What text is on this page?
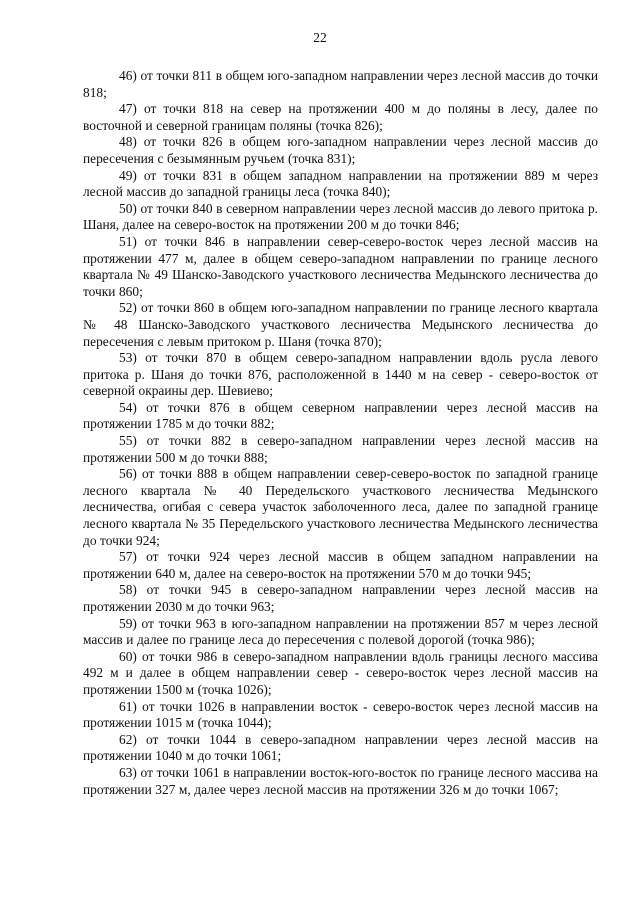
22

46) от точки 811 в общем юго-западном направлении через лесной массив до точки 818;

47) от точки 818 на север на протяжении 400 м до поляны в лесу, далее по восточной и северной границам поляны (точка 826);

48) от точки 826 в общем юго-западном направлении через лесной массив до пересечения с безымянным ручьем (точка 831);

49) от точки 831 в общем западном направлении на протяжении 889 м через лесной массив до западной границы леса (точка 840);

50) от точки 840 в северном направлении через лесной массив до левого притока р. Шаня, далее на северо-восток на протяжении 200 м до точки 846;

51) от точки 846 в направлении север-северо-восток через лесной массив на протяжении 477 м, далее в общем северо-западном направлении по границе лесного квартала № 49 Шанско-Заводского участкового лесничества Медынского лесничества до точки 860;

52) от точки 860 в общем юго-западном направлении по границе лесного квартала № 48 Шанско-Заводского участкового лесничества Медынского лесничества до пересечения с левым притоком р. Шаня (точка 870);

53) от точки 870 в общем северо-западном направлении вдоль русла левого притока р. Шаня до точки 876, расположенной в 1440 м на север - северо-восток от северной окраины дер. Шевиево;

54) от точки 876 в общем северном направлении через лесной массив на протяжении 1785 м до точки 882;

55) от точки 882 в северо-западном направлении через лесной массив на протяжении 500 м до точки 888;

56) от точки 888 в общем направлении север-северо-восток по западной границе лесного квартала № 40 Передельского участкового лесничества Медынского лесничества, огибая с севера участок заболоченного леса, далее по западной границе лесного квартала № 35 Передельского участкового лесничества Медынского лесничества до точки 924;

57) от точки 924 через лесной массив в общем западном направлении на протяжении 640 м, далее на северо-восток на протяжении 570 м до точки 945;

58) от точки 945 в северо-западном направлении через лесной массив на протяжении 2030 м до точки 963;

59) от точки 963 в юго-западном направлении на протяжении 857 м через лесной массив и далее по границе леса до пересечения с полевой дорогой (точка 986);

60) от точки 986 в северо-западном направлении вдоль границы лесного массива 492 м и далее в общем направлении север - северо-восток через лесной массив на протяжении 1500 м (точка 1026);

61) от точки 1026 в направлении восток - северо-восток через лесной массив на протяжении 1015 м (точка 1044);

62) от точки 1044 в северо-западном направлении через лесной массив на протяжении 1040 м до точки 1061;

63) от точки 1061 в направлении восток-юго-восток по границе лесного массива на протяжении 327 м, далее через лесной массив на протяжении 326 м до точки 1067;
